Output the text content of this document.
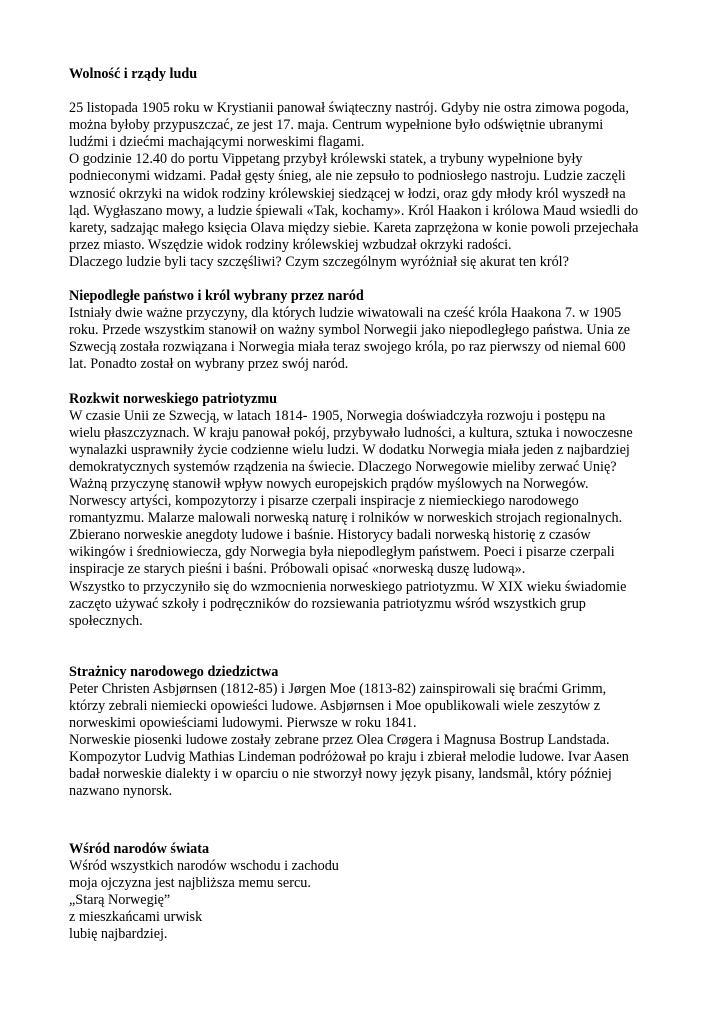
Wolność i rządy ludu

25 listopada 1905 roku w Krystianii panował świąteczny nastrój. Gdyby nie ostra zimowa pogoda,

można byłoby przypuszczać, ze jest 17. maja. Centrum wypełnione było odświętnie ubranymi

ludźmi i dziećmi machającymi norweskimi flagami.

O godzinie 12.40 do portu Vippetang przybył królewski statek, a trybuny wypełnione były

podnieconymi widzami. Padał gęsty śnieg, ale nie zepsuło to podniosłego nastroju. Ludzie zaczęli

wznosić okrzyki na widok rodziny królewskiej siedzącej w łodzi, oraz gdy młody król wyszedł na

ląd. Wygłaszano mowy, a ludzie śpiewali «Tak, kochamy». Król Haakon i królowa Maud wsiedli do

karety, sadzając małego księcia Olava między siebie. Kareta zaprzężona w konie powoli przejechała

przez miasto. Wszędzie widok rodziny królewskiej wzbudzał okrzyki radości.

Dlaczego ludzie byli tacy szczęśliwi? Czym szczególnym wyróżniał się akurat ten król?

Niepodległe państwo i król wybrany przez naród

Istniały dwie ważne przyczyny, dla których ludzie wiwatowali na cześć króla Haakona 7. w 1905

roku. Przede wszystkim stanowił on ważny symbol Norwegii jako niepodległego państwa. Unia ze

Szwecją została rozwiązana i Norwegia miała teraz swojego króla, po raz pierwszy od niemal 600

lat. Ponadto został on wybrany przez swój naród.

Rozkwit norweskiego patriotyzmu

W czasie Unii ze Szwecją, w latach 1814- 1905, Norwegia doświadczyła rozwoju i postępu na

wielu płaszczyznach. W kraju panował pokój, przybywało ludności, a kultura, sztuka i nowoczesne

wynalazki usprawniły życie codzienne wielu ludzi. W dodatku Norwegia miała jeden z najbardziej

demokratycznych systemów rządzenia na świecie. Dlaczego Norwegowie mieliby zerwać Unię?

Ważną przyczynę stanowił wpływ nowych europejskich prądów myślowych na Norwegów.

Norwescy artyści, kompozytorzy i pisarze czerpali inspiracje z niemieckiego narodowego

romantyzmu. Malarze malowali norweską naturę i rolników w norweskich strojach regionalnych.

Zbierano norweskie anegdoty ludowe i baśnie. Historycy badali norweską historię z czasów

wikingów i średniowiecza, gdy Norwegia była niepodległym państwem. Poeci i pisarze czerpali

inspiracje ze starych pieśni i baśni. Próbowali opisać «norweską duszę ludową».

Wszystko to przyczyniło się do wzmocnienia norweskiego patriotyzmu. W XIX wieku świadomie

zaczęto używać szkoły i podręczników do rozsiewania patriotyzmu wśród wszystkich grup

społecznych.

Strażnicy narodowego dziedzictwa

Peter Christen Asbjørnsen (1812-85) i Jørgen Moe (1813-82) zainspirowali się braćmi Grimm,

którzy zebrali niemiecki opowieści ludowe. Asbjørnsen i Moe opublikowali wiele zeszytów z

norweskimi opowieściami ludowymi. Pierwsze w roku 1841.

Norweskie piosenki ludowe zostały zebrane przez Olea Crøgera i Magnusa Bostrup Landstada.

Kompozytor Ludvig Mathias Lindeman podróżował po kraju i zbierał melodie ludowe. Ivar Aasen

badał norweskie dialekty i w oparciu o nie stworzył nowy język pisany, landsmål, który później

nazwano nynorsk.

Wśród narodów świata

Wśród wszystkich narodów wschodu i zachodu

moja ojczyzna jest najbliższa memu sercu.

„Starą Norwegię”

z mieszkańcami urwisk

lubię najbardziej.
